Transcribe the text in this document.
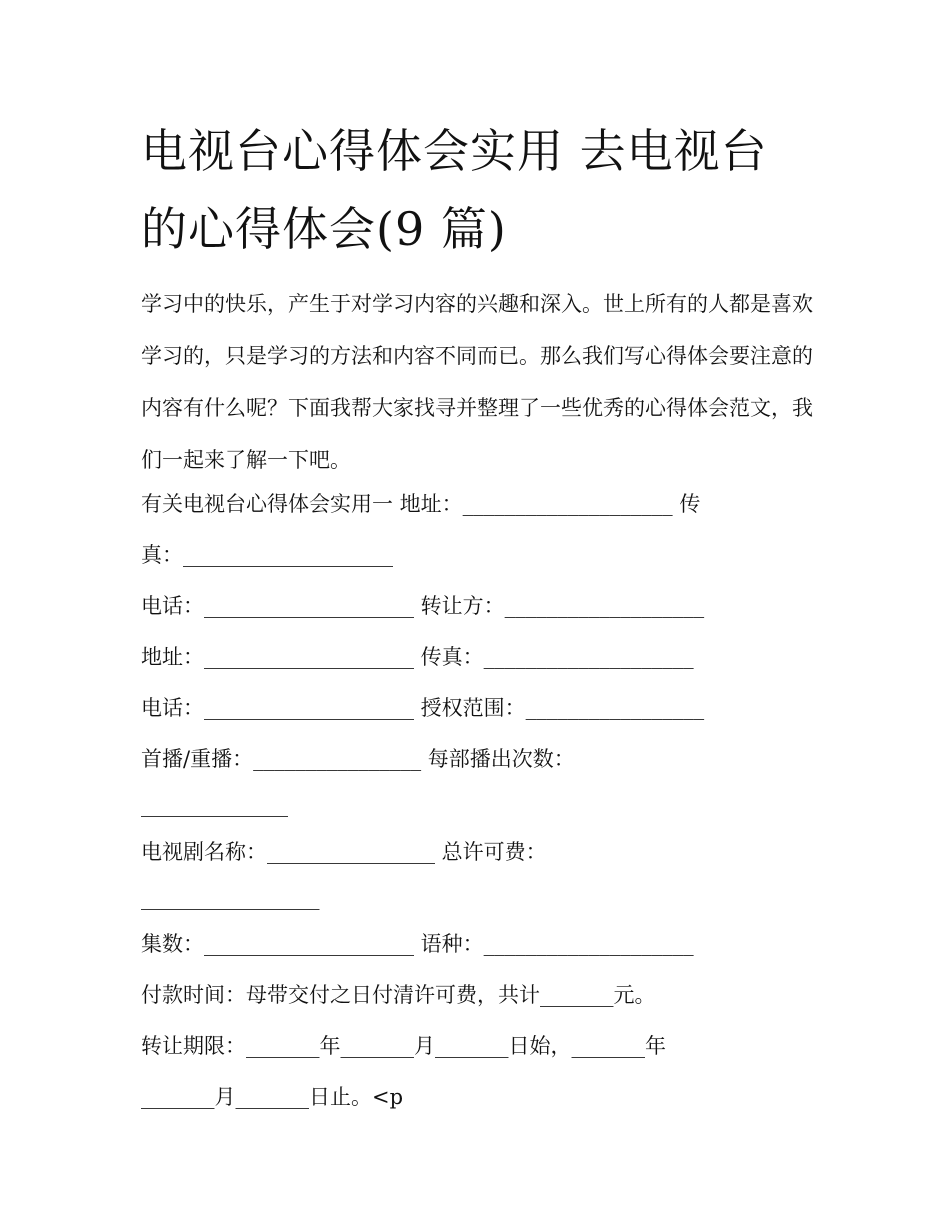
电视台心得体会实用 去电视台
的心得体会(9 篇)

学习中的快乐，产生于对学习内容的兴趣和深入。世上所有的人都是喜欢学习的，只是学习的方法和内容不同而已。那么我们写心得体会要注意的内容有什么呢？下面我帮大家找寻并整理了一些优秀的心得体会范文，我们一起来了解一下吧。

有关电视台心得体会实用一 地址：____________________ 传
真：____________________
电话：____________________ 转让方：___________________
地址：____________________ 传真：____________________
电话：____________________ 授权范围：_________________
首播/重播：________________ 每部播出次数：
______________
电视剧名称：________________ 总许可费：
_________________
集数：____________________ 语种：____________________
付款时间：母带交付之日付清许可费，共计_______元。
转让期限：_______年_______月_______日始，_______年
_______月_______日止。<p
